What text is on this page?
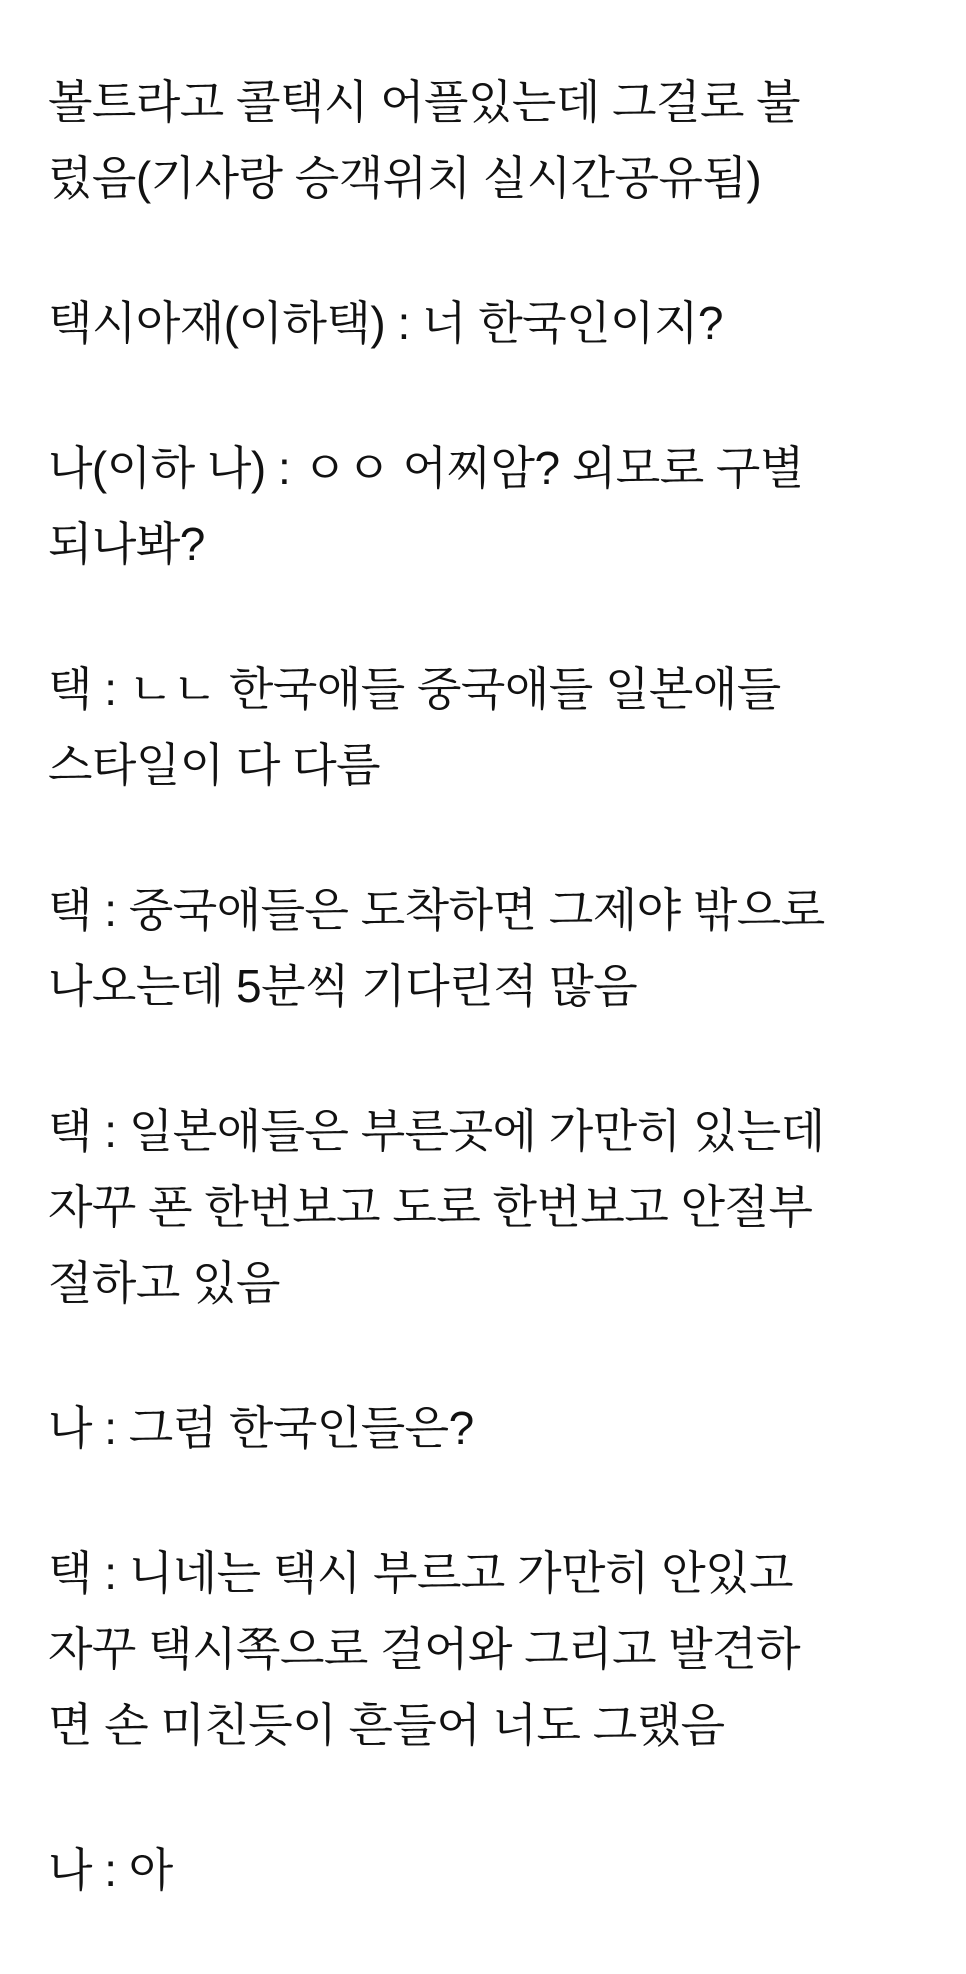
볼트라고 콜택시 어플있는데 그걸로 불
렀음(기사랑 승객위치 실시간공유됨)

택시아재(이하택) : 너 한국인이지?

나(이하 나) : ㅇㅇ 어찌암? 외모로 구별
되나봐?

택 : ㄴㄴ 한국애들 중국애들 일본애들
스타일이 다 다름

택 : 중국애들은 도착하면 그제야 밖으로
나오는데 5분씩 기다린적 많음

택 : 일본애들은 부른곳에 가만히 있는데
자꾸 폰 한번보고 도로 한번보고 안절부
절하고 있음

나 : 그럼 한국인들은?

택 : 니네는 택시 부르고 가만히 안있고
자꾸 택시쪽으로 걸어와 그리고 발견하
면 손 미친듯이 흔들어 너도 그랬음

나 : 아
